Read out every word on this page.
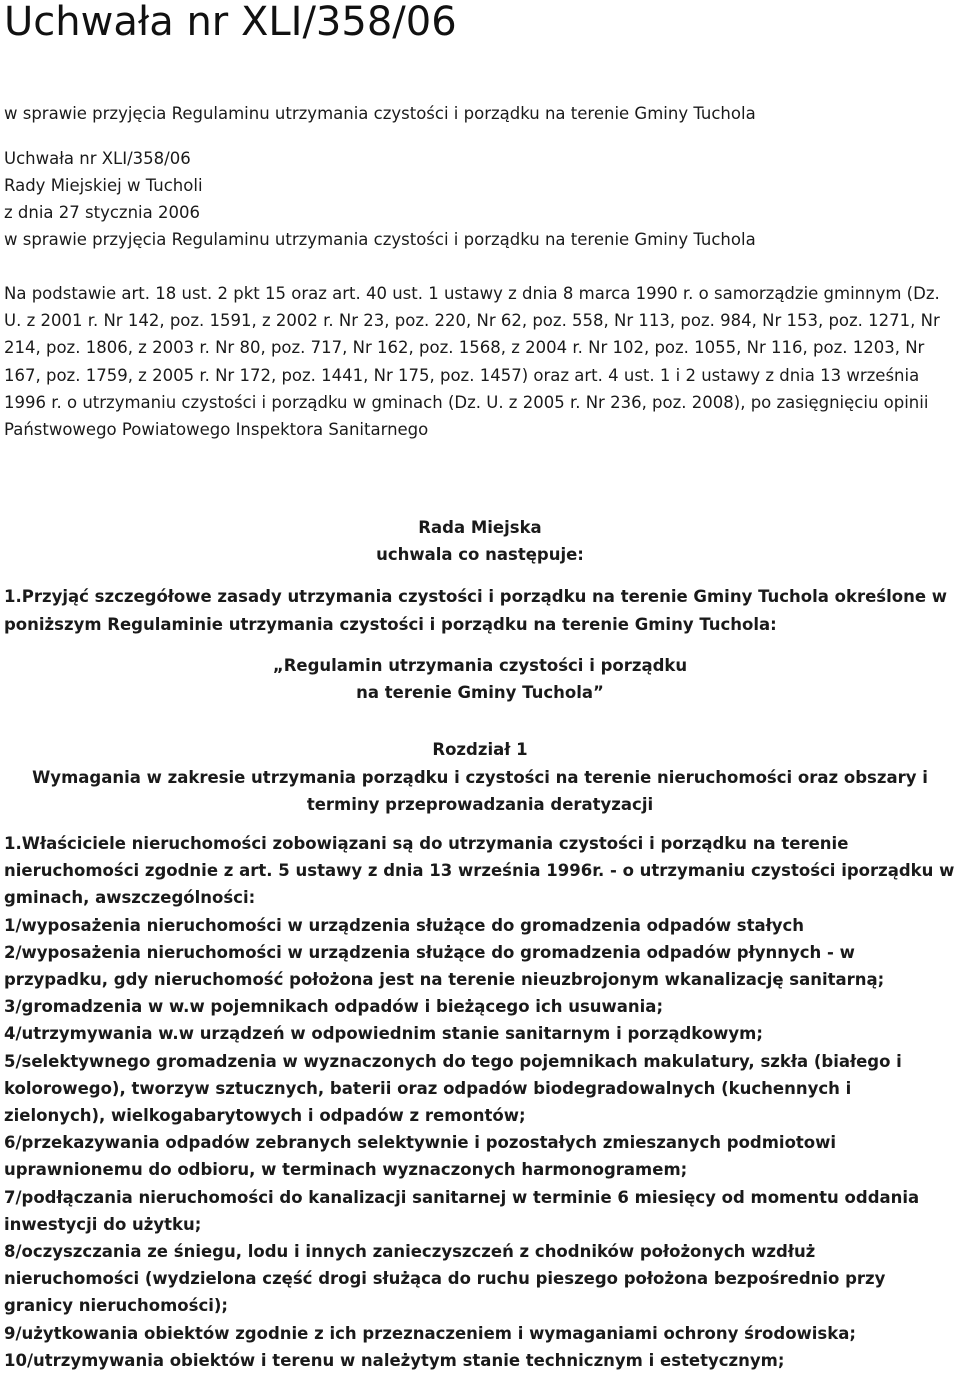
Uchwała nr XLI/358/06
w sprawie przyjęcia Regulaminu utrzymania czystości i porządku na terenie Gminy Tuchola
Uchwała nr XLI/358/06
Rady Miejskiej w Tucholi
z dnia 27 stycznia 2006
w sprawie przyjęcia Regulaminu utrzymania czystości i porządku na terenie Gminy Tuchola

Na podstawie art. 18 ust. 2 pkt 15 oraz art. 40 ust. 1 ustawy z dnia 8 marca 1990 r. o samorządzie gminnym (Dz. U. z 2001 r. Nr 142, poz. 1591, z 2002 r. Nr 23, poz. 220, Nr 62, poz. 558, Nr 113, poz. 984, Nr 153, poz. 1271, Nr 214, poz. 1806, z 2003 r. Nr 80, poz. 717, Nr 162, poz. 1568, z 2004 r. Nr 102, poz. 1055, Nr 116, poz. 1203, Nr 167, poz. 1759, z 2005 r. Nr 172, poz. 1441, Nr 175, poz. 1457) oraz art. 4 ust. 1 i 2 ustawy z dnia 13 września 1996 r. o utrzymaniu czystości i porządku w gminach (Dz. U. z 2005 r. Nr 236, poz. 2008), po zasięgnięciu opinii Państwowego Powiatowego Inspektora Sanitarnego

Rada Miejska
uchwala co następuje:

1.Przyjąć szczegółowe zasady utrzymania czystości i porządku na terenie Gminy Tuchola określone w poniższym Regulaminie utrzymania czystości i porządku na terenie Gminy Tuchola:

„Regulamin utrzymania czystości i porządku
na terenie Gminy Tuchola”
Rozdział 1
Wymagania w zakresie utrzymania porządku i czystości na terenie nieruchomości oraz obszary i terminy przeprowadzania deratyzacji

1.Właściciele nieruchomości zobowiązani są do utrzymania czystości i porządku na terenie nieruchomości zgodnie z art. 5 ustawy z dnia 13 września 1996r. - o utrzymaniu czystości iporządku w gminach, awszczególności:

1/wyposażenia nieruchomości w urządzenia służące do gromadzenia odpadów stałych

2/wyposażenia nieruchomości w urządzenia służące do gromadzenia odpadów płynnych - w przypadku, gdy nieruchomość położona jest na terenie nieuzbrojonym wkanalizację sanitarną;

3/gromadzenia w w.w pojemnikach odpadów i bieżącego ich usuwania;

4/utrzymywania w.w urządzeń w odpowiednim stanie sanitarnym i porządkowym;

5/selektywnego gromadzenia w wyznaczonych do tego pojemnikach makulatury, szkła (białego i kolorowego), tworzyw sztucznych, baterii oraz odpadów biodegradowalnych (kuchennych i zielonych), wielkogabarytowych i odpadów z remontów;

6/przekazywania odpadów zebranych selektywnie i pozostałych zmieszanych podmiotowi uprawnionemu do odbioru, w terminach wyznaczonych harmonogramem;

7/podłączania nieruchomości do kanalizacji sanitarnej w terminie 6 miesięcy od momentu oddania inwestycji do użytku;

8/oczyszczania ze śniegu, lodu i innych zanieczyszczeń z chodników położonych wzdłuż nieruchomości (wydzielona część drogi służąca do ruchu pieszego położona bezpośrednio przy granicy nieruchomości);

9/użytkowania obiektów zgodnie z ich przeznaczeniem i wymaganiami ochrony środowiska;

10/utrzymywania obiektów i terenu w należytym stanie technicznym i estetycznym;
